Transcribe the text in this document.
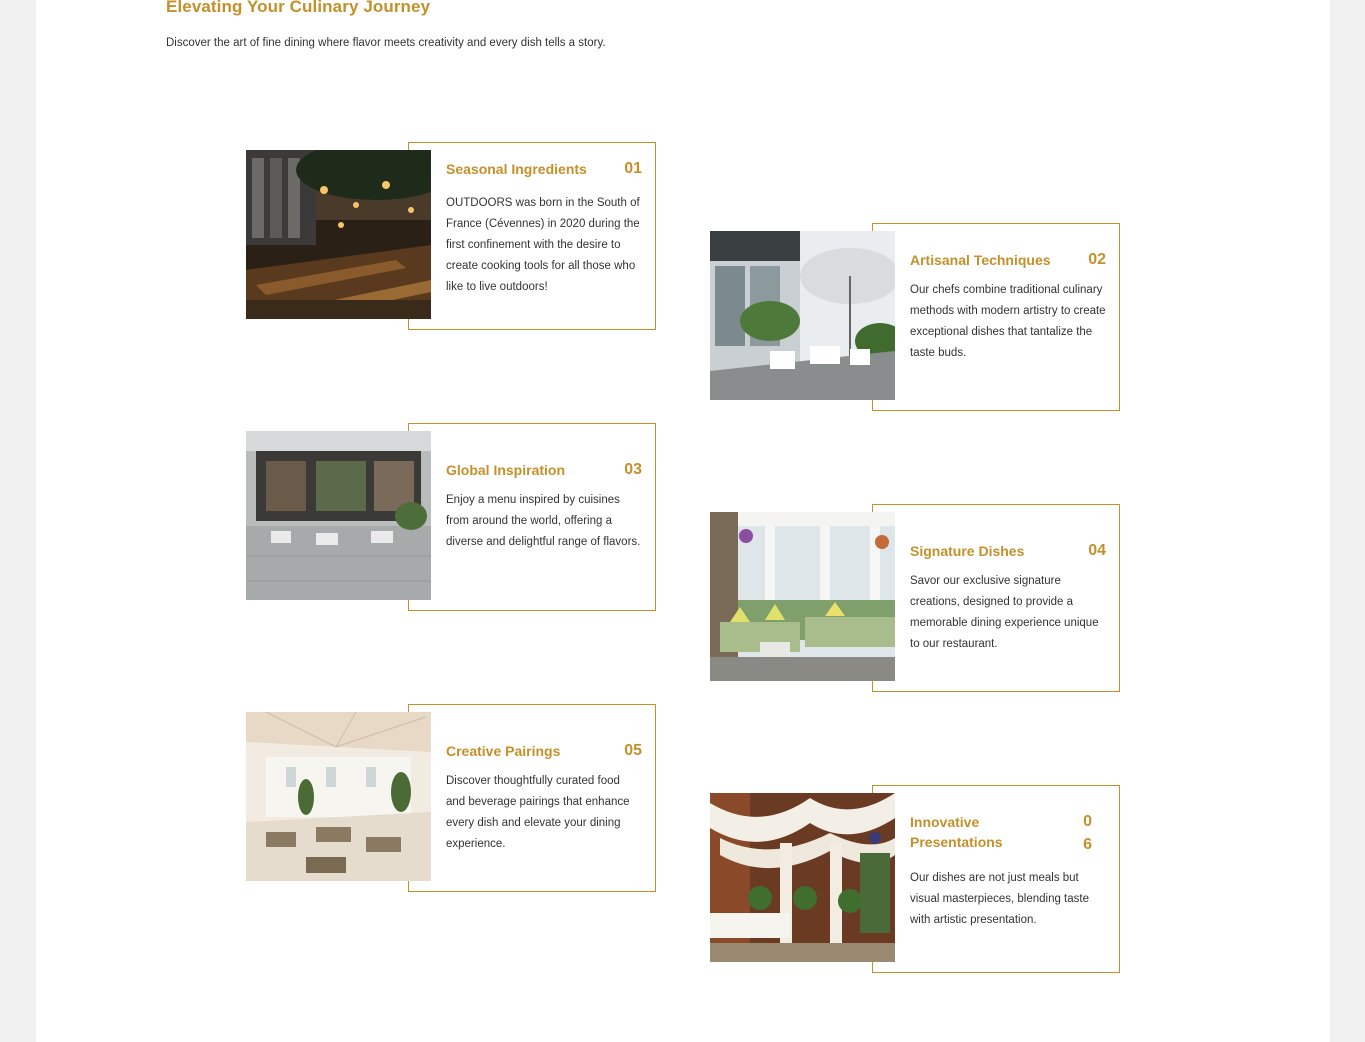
Elevating Your Culinary Journey

Discover the art of fine dining where flavor meets creativity and every dish tells a story.

Seasonal Ingredients	01

OUTDOORS was born in the South of France (Cévennes) in 2020 during the first confinement with the desire to create cooking tools for all those who like to live outdoors!

Artisanal Techniques	02

Our chefs combine traditional culinary methods with modern artistry to create exceptional dishes that tantalize the taste buds.

Global Inspiration	03

Enjoy a menu inspired by cuisines from around the world, offering a diverse and delightful range of flavors.

Signature Dishes	04

Savor our exclusive signature creations, designed to provide a memorable dining experience unique to our restaurant.

Creative Pairings	05

Discover thoughtfully curated food and beverage pairings that enhance every dish and elevate your dining experience.

Innovative Presentations
06

Our dishes are not just meals but visual masterpieces, blending taste with artistic presentation.
